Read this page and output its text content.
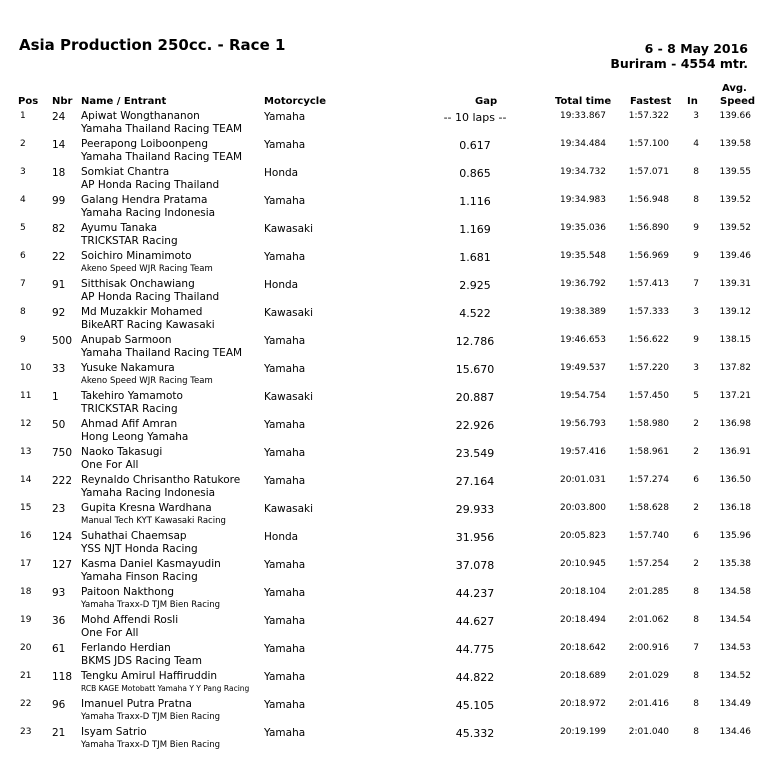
Asia Production 250cc. - Race 1	6 - 8 May 2016
Buriram - 4554 mtr.
Pos Nbr Name / Entrant	Motorcycle	Gap	Total time Fastest In
Avg.
Speed
1	24 Apiwat Wongthananon
Yamaha Thailand Racing TEAM
Yamaha	-- 10 laps --	19:33.867	1:57.322	3	139.66
2	14 Peerapong Loiboonpeng
Yamaha Thailand Racing TEAM
Yamaha	0.617	19:34.484	1:57.100	4	139.58
3	18 Somkiat Chantra
AP Honda Racing Thailand
Honda	0.865	19:34.732	1:57.071	8	139.55
4	99 Galang Hendra Pratama
Yamaha Racing Indonesia
Yamaha	1.116	19:34.983	1:56.948	8	139.52
5	82 Ayumu Tanaka
TRICKSTAR Racing
Kawasaki	1.169	19:35.036	1:56.890	9	139.52
6	22 Soichiro Minamimoto
Akeno Speed WJR Racing Team
Yamaha	1.681	19:35.548	1:56.969	9	139.46
7	91 Sitthisak Onchawiang
AP Honda Racing Thailand
Honda	2.925	19:36.792	1:57.413	7	139.31
8	92 Md Muzakkir Mohamed
BikeART Racing Kawasaki
Kawasaki	4.522	19:38.389	1:57.333	3	139.12
9	500 Anupab Sarmoon
Yamaha Thailand Racing TEAM
Yamaha	12.786	19:46.653	1:56.622	9	138.15
10	33 Yusuke Nakamura
Akeno Speed WJR Racing Team
Yamaha	15.670	19:49.537	1:57.220	3	137.82
11	1 Takehiro Yamamoto
TRICKSTAR Racing
Kawasaki	20.887	19:54.754	1:57.450	5	137.21
12	50 Ahmad Afif Amran
Hong Leong Yamaha
Yamaha	22.926	19:56.793	1:58.980	2	136.98
13	750 Naoko Takasugi
One For All
Yamaha	23.549	19:57.416	1:58.961	2	136.91
14	222 Reynaldo Chrisantho Ratukore
Yamaha Racing Indonesia
Yamaha	27.164	20:01.031	1:57.274	6	136.50
15	23 Gupita Kresna Wardhana
Manual Tech KYT Kawasaki Racing
Kawasaki	29.933	20:03.800	1:58.628	2	136.18
16	124 Suhathai Chaemsap
YSS NJT Honda Racing
Honda	31.956	20:05.823	1:57.740	6	135.96
17	127 Kasma Daniel Kasmayudin
Yamaha Finson Racing
Yamaha	37.078	20:10.945	1:57.254	2	135.38
18	93 Paitoon Nakthong
Yamaha Traxx-D TJM Bien Racing
Yamaha	44.237	20:18.104	2:01.285	8	134.58
19	36 Mohd Affendi Rosli
One For All
Yamaha	44.627	20:18.494	2:01.062	8	134.54
20	61 Ferlando Herdian
BKMS JDS Racing Team
Yamaha	44.775	20:18.642	2:00.916	7	134.53
21	118 Tengku Amirul Haffiruddin
RCB KAGE Motobatt Yamaha Y Y Pang Racing
Yamaha	44.822	20:18.689	2:01.029	8	134.52
22	96 Imanuel Putra Pratna
Yamaha Traxx-D TJM Bien Racing
Yamaha	45.105	20:18.972	2:01.416	8	134.49
23	21 Isyam Satrio
Yamaha Traxx-D TJM Bien Racing
Yamaha	45.332	20:19.199	2:01.040	8	134.46
